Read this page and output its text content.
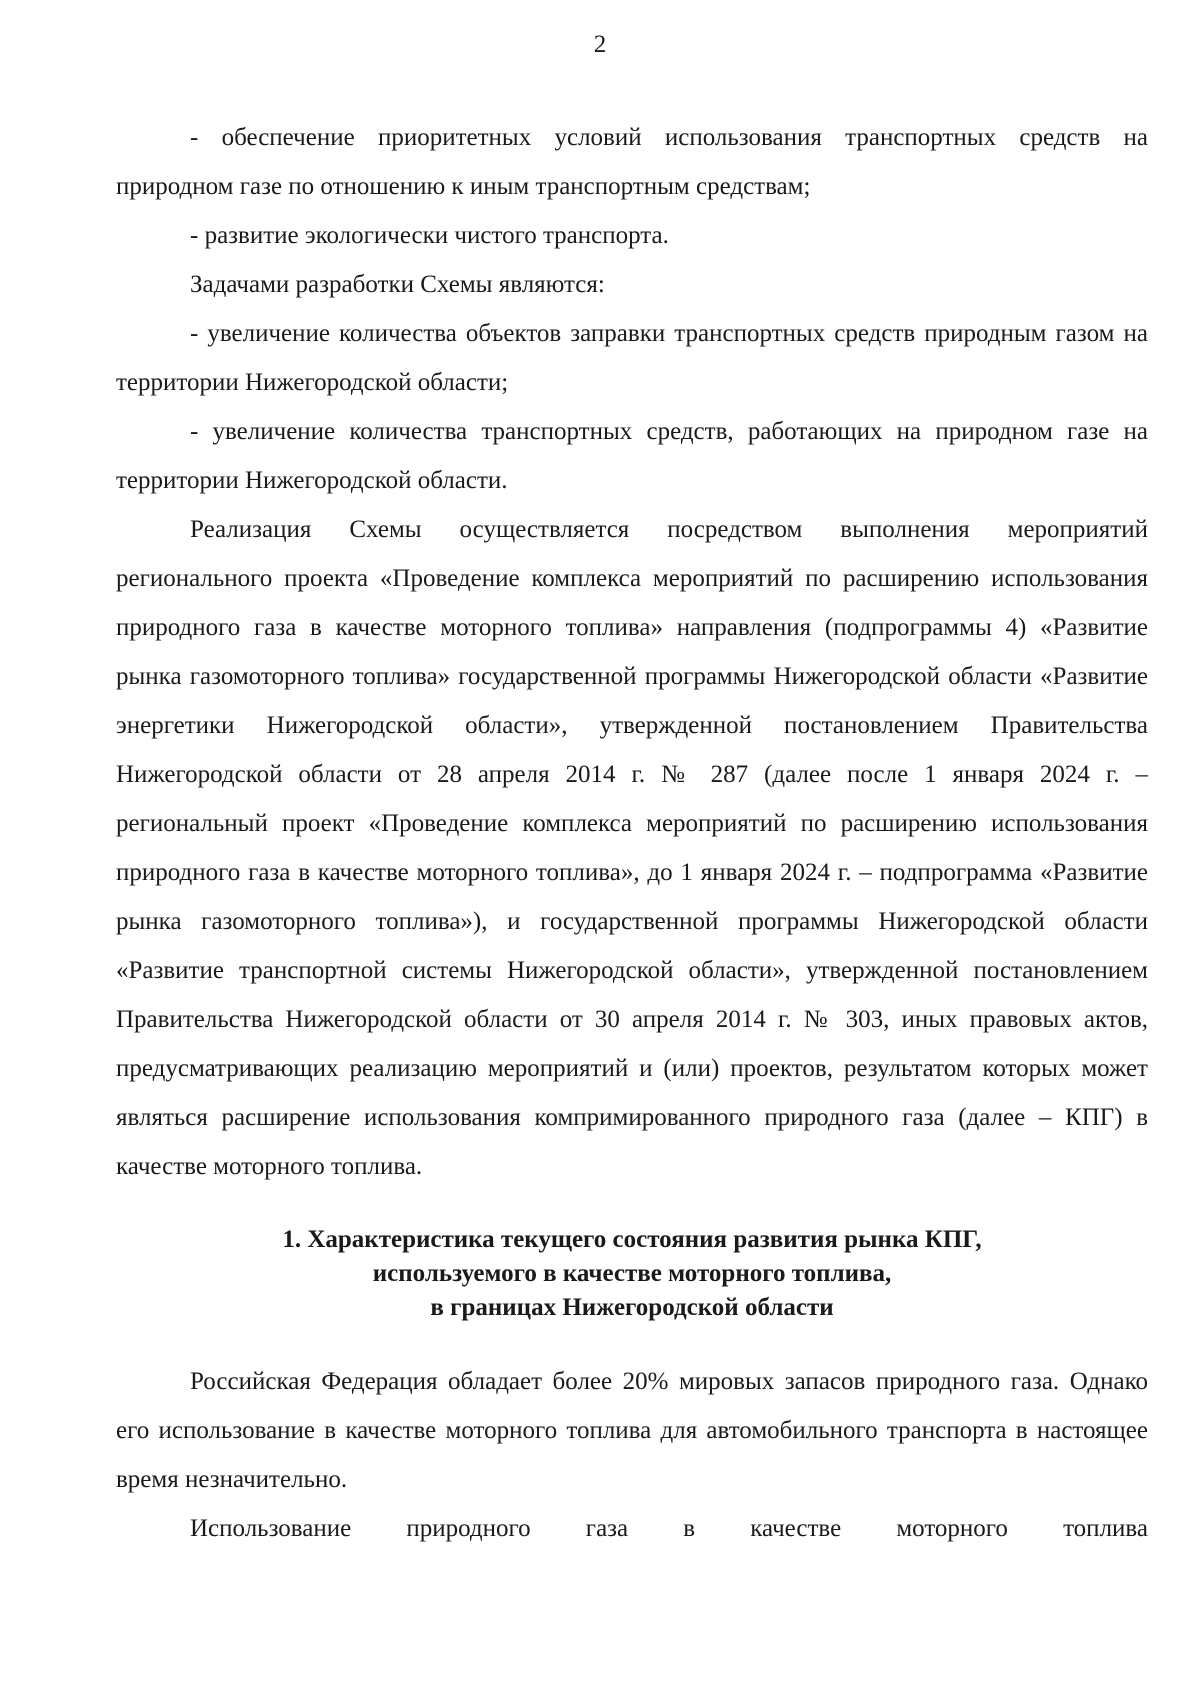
2

- обеспечение приоритетных условий использования транспортных средств на природном газе по отношению к иным транспортным средствам;

- развитие экологически чистого транспорта.

Задачами разработки Схемы являются:

- увеличение количества объектов заправки транспортных средств природным газом на территории Нижегородской области;

- увеличение количества транспортных средств, работающих на природном газе на территории Нижегородской области.

Реализация Схемы осуществляется посредством выполнения мероприятий регионального проекта «Проведение комплекса мероприятий по расширению использования природного газа в качестве моторного топлива» направления (подпрограммы 4) «Развитие рынка газомоторного топлива» государственной программы Нижегородской области «Развитие энергетики Нижегородской области», утвержденной постановлением Правительства Нижегородской области от 28 апреля 2014 г. № 287 (далее после 1 января 2024 г. – региональный проект «Проведение комплекса мероприятий по расширению использования природного газа в качестве моторного топлива», до 1 января 2024 г. – подпрограмма «Развитие рынка газомоторного топлива»), и государственной программы Нижегородской области «Развитие транспортной системы Нижегородской области», утвержденной постановлением Правительства Нижегородской области от 30 апреля 2014 г. № 303, иных правовых актов, предусматривающих реализацию мероприятий и (или) проектов, результатом которых может являться расширение использования компримированного природного газа (далее – КПГ) в качестве моторного топлива.

1. Характеристика текущего состояния развития рынка КПГ,
используемого в качестве моторного топлива,
в границах Нижегородской области

Российская Федерация обладает более 20% мировых запасов природного газа. Однако его использование в качестве моторного топлива для автомобильного транспорта в настоящее время незначительно.

Использование природного газа в качестве моторного топлива
